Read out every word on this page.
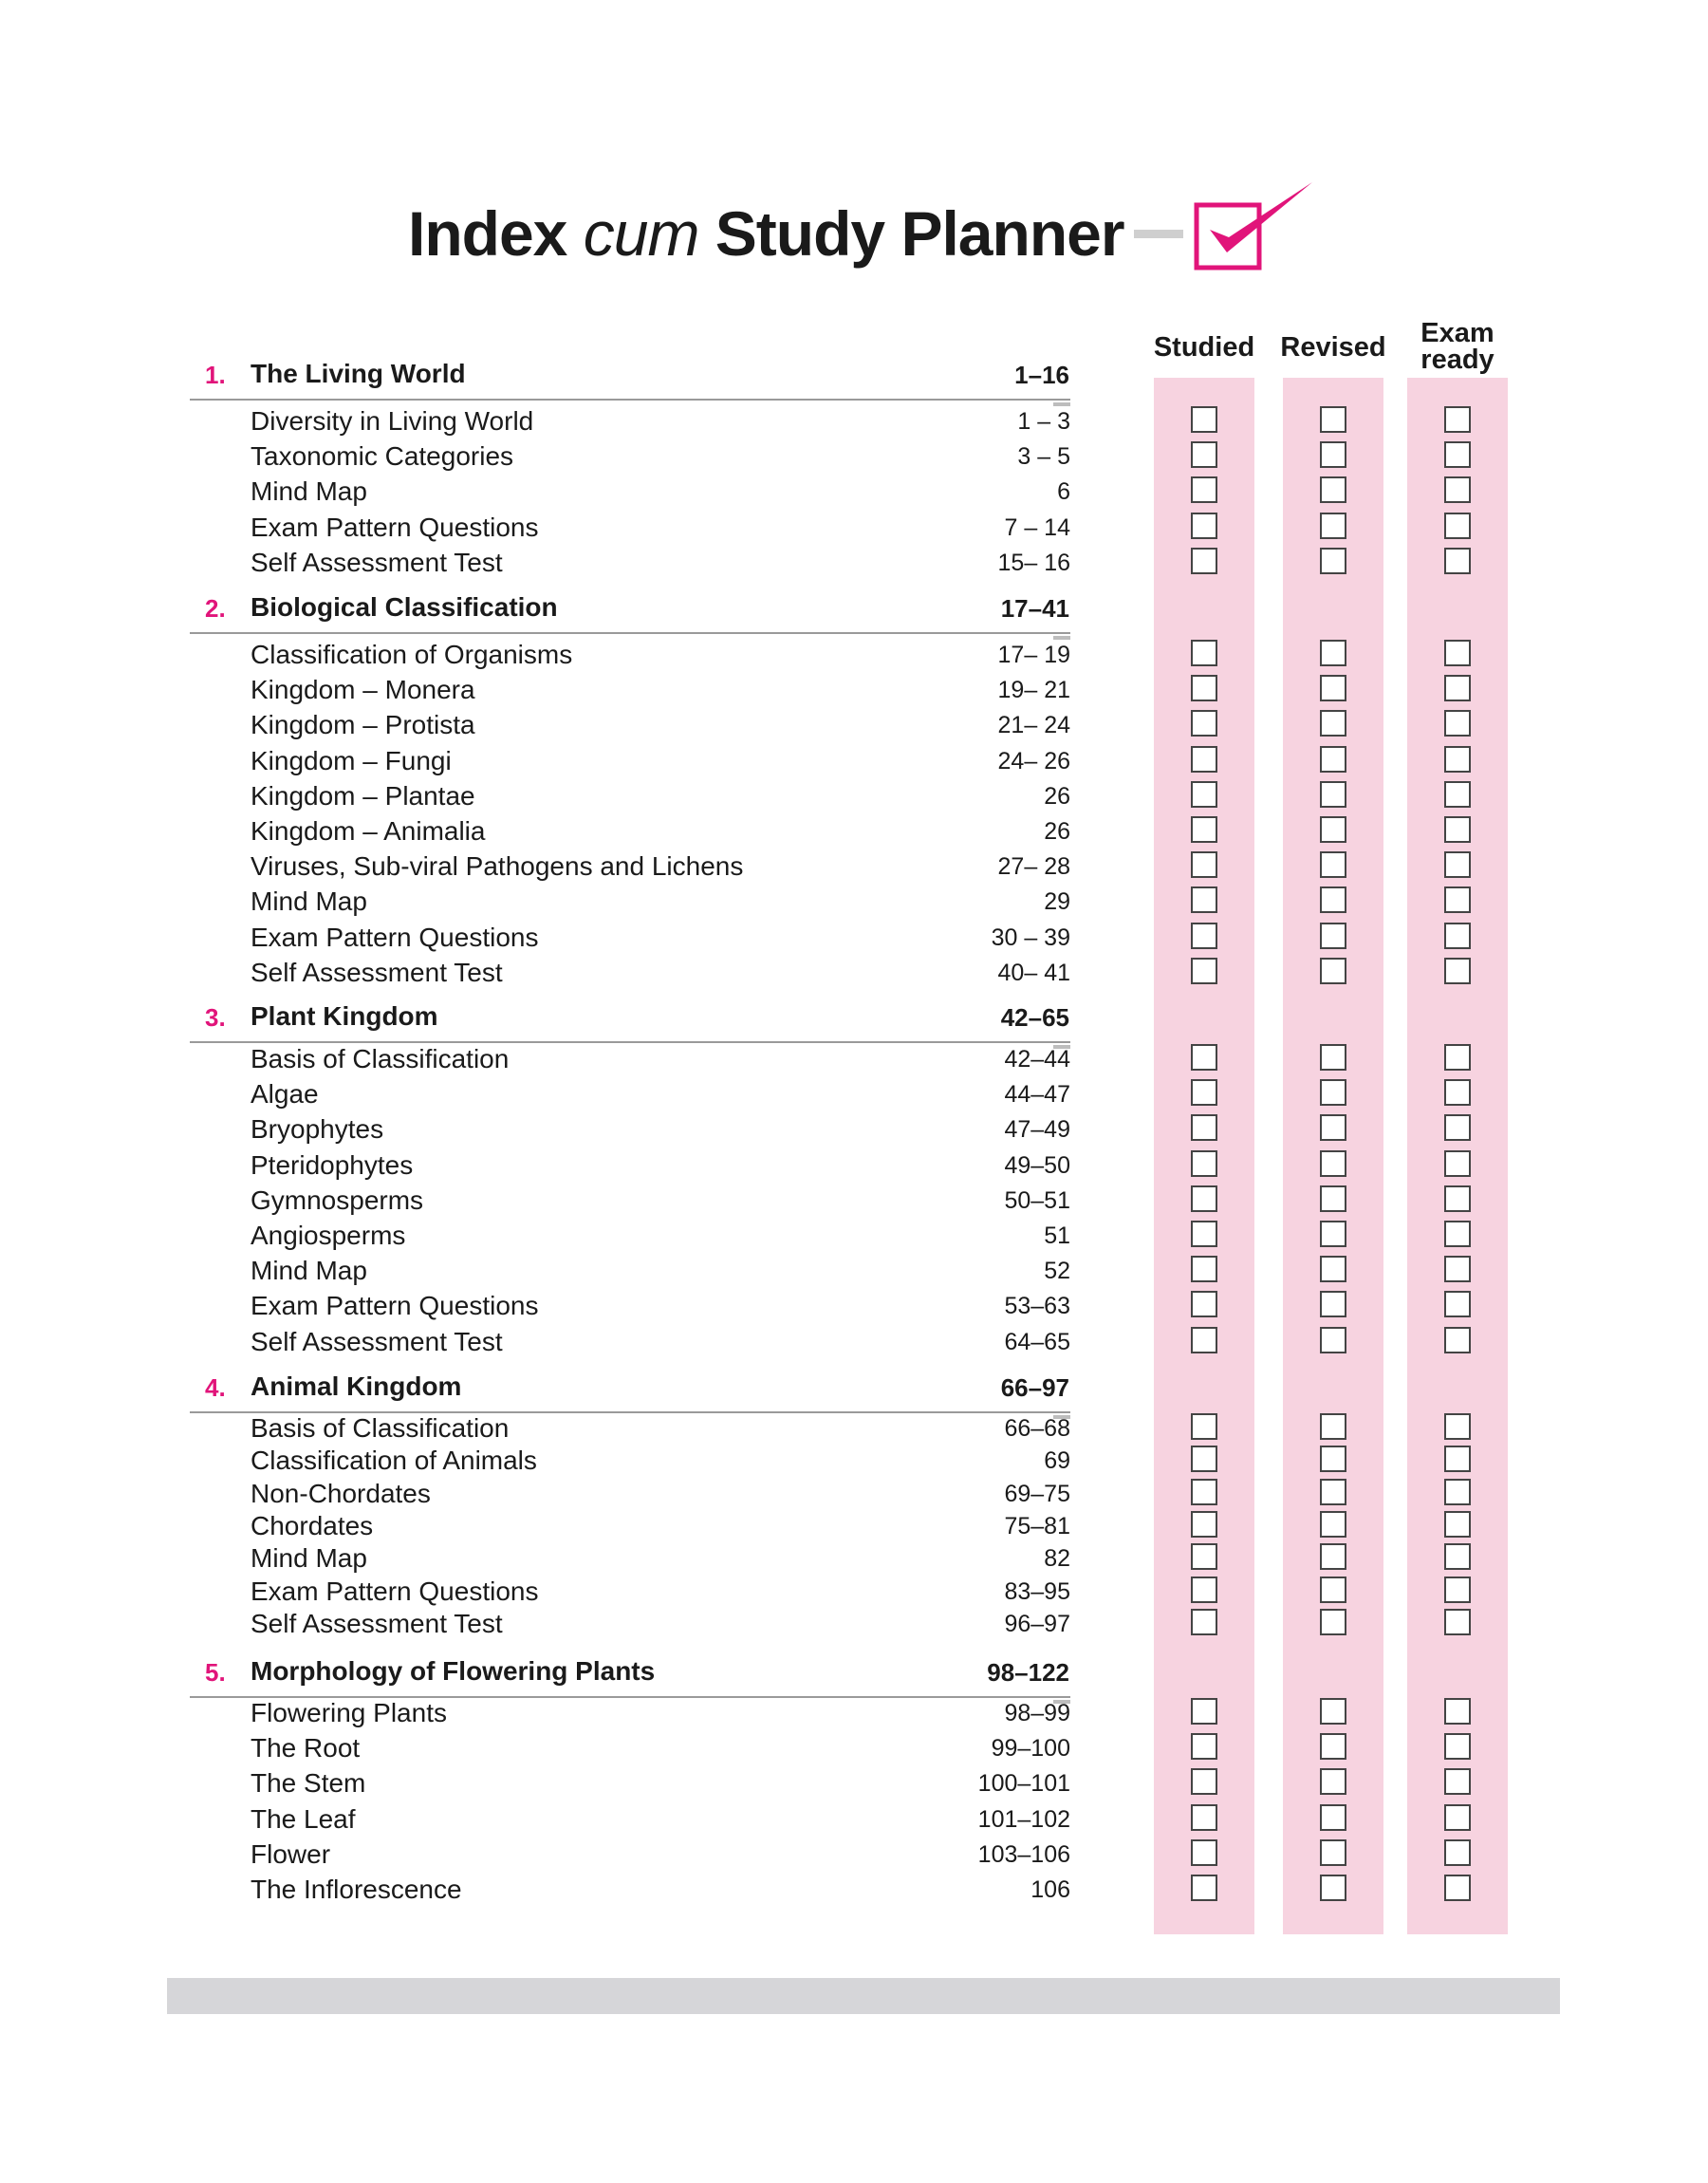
Index cum Study Planner
Studied Revised	Exam
ready
1. The Living World	1–16
Diversity in Living World	1 – 3
Taxonomic Categories	3 – 5
Mind Map	6
Exam Pattern Questions	7 – 14
Self Assessment Test	15– 16
2. Biological Classification	17–41
Classification of Organisms	17– 19
Kingdom – Monera	19– 21
Kingdom – Protista	21– 24
Kingdom – Fungi	24– 26
Kingdom – Plantae	26
Kingdom – Animalia	26
Viruses, Sub-viral Pathogens and Lichens	27– 28
Mind Map	29
Exam Pattern Questions	30 – 39
Self Assessment Test	40– 41
3. Plant Kingdom	42–65
Basis of Classification	42–44
Algae	44–47
Bryophytes	47–49
Pteridophytes	49–50
Gymnosperms	50–51
Angiosperms	51
Mind Map	52
Exam Pattern Questions	53–63
Self Assessment Test	64–65
4. Animal Kingdom	66–97
Basis of Classification	66–68
Classification of Animals	69
Non-Chordates	69–75
Chordates	75–81
Mind Map	82
Exam Pattern Questions	83–95
Self Assessment Test	96–97
5. Morphology of Flowering Plants	98–122
Flowering Plants	98–99
The Root	99–100
The Stem	100–101
The Leaf	101–102
Flower	103–106
The Inflorescence	106
